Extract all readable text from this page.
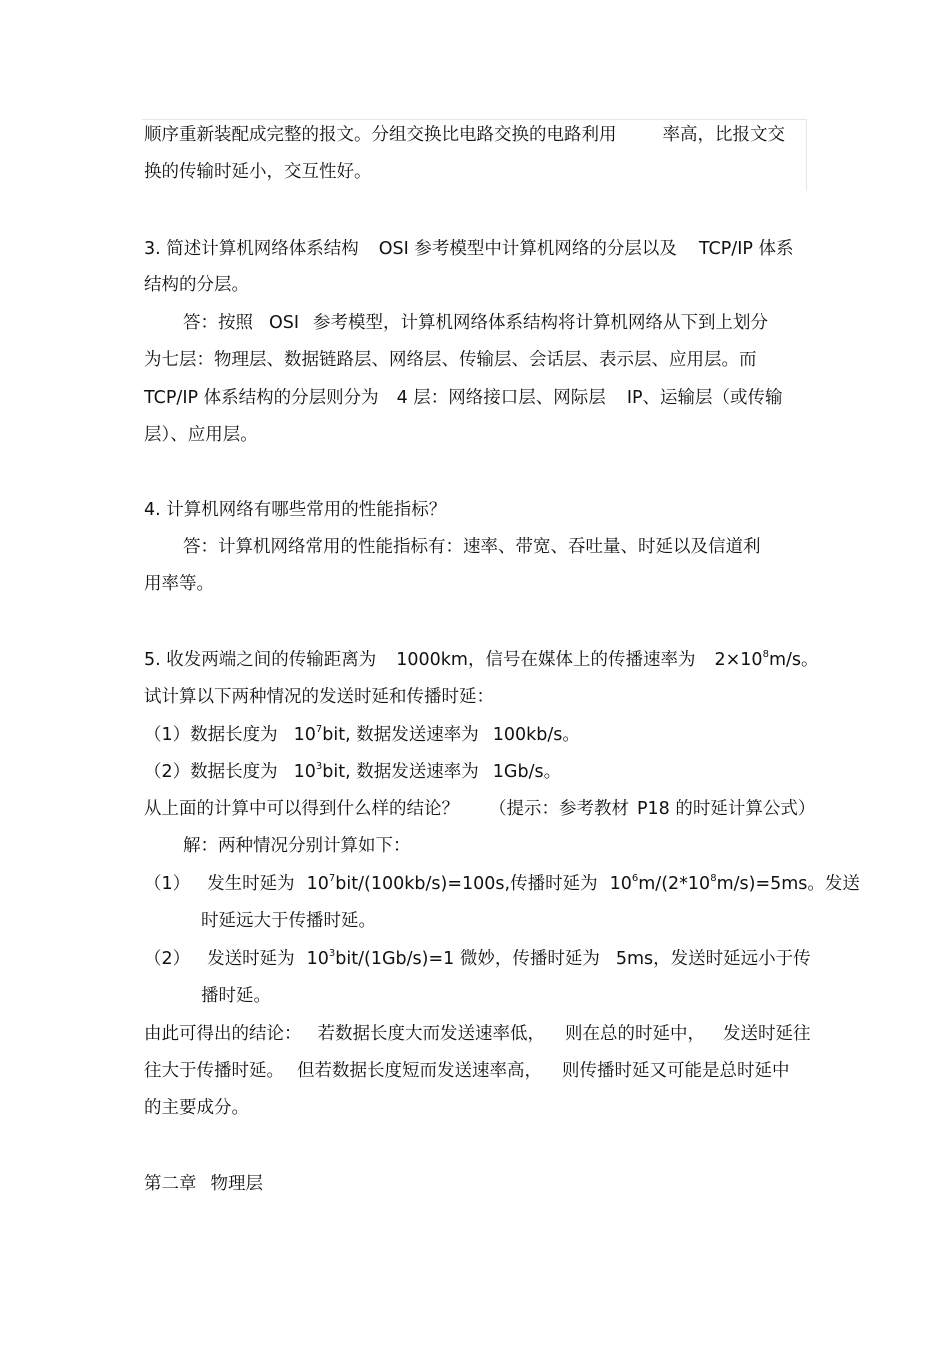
顺序重新装配成完整的报文。分组交换比电路交换的电路利用	率高，比报文交
换的传输时延小，交互性好。
3. 简述计算机网络体系结构 OSI 参考模型中计算机网络的分层以及 TCP/IP 体系
结构的分层。
答：按照 OSI 参考模型，计算机网络体系结构将计算机网络从下到上划分
为七层：物理层、数据链路层、网络层、传输层、会话层、表示层、应用层。而
TCP/IP 体系结构的分层则分为 4 层：网络接口层、网际层 IP、运输层（或传输
层）、应用层。
4. 计算机网络有哪些常用的性能指标？
答：计算机网络常用的性能指标有：速率、带宽、吞吐量、时延以及信道利
用率等。
5. 收发两端之间的传输距离为 1000km，信号在媒体上的传播速率为 $2\times 10^8m/s$。
试计算以下两种情况的发送时延和传播时延：
（1）数据长度为 $10^7bit$, 数据发送速率为 100kb/s。
（2）数据长度为 $10^3bit$, 数据发送速率为 1Gb/s。
从上面的计算中可以得到什么样的结论？ （提示：参考教材 P18 的时延计算公式）
解：两种情况分别计算如下：
（1） 发生时延为 $10^7bit/(100kb/s)=100s$,传播时延为 $10^6m/(2*10^8m/s)=5ms$。发送
时延远大于传播时延。
（2） 发送时延为 $10^3bit/(1Gb/s)=1$ 微妙，传播时延为 5ms，发送时延远小于传
播时延。
由此可得出的结论： 若数据长度大而发送速率低， 则在总的时延中， 发送时延往
往大于传播时延。 但若数据长度短而发送速率高， 则传播时延又可能是总时延中
的主要成分。
第二章 物理层
